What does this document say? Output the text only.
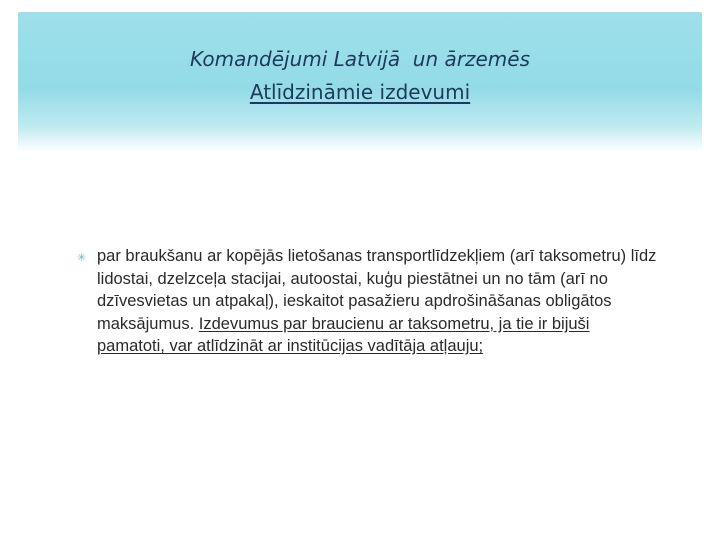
Komandējumi Latvijā  un ārzemēs
Atlīdzināmie izdevumi
✳ par braukšanu ar kopējās lietošanas transportlīdzekļiem (arī taksometru) līdz lidostai, dzelzceļa stacijai, autoostai, kuģu piestātnei un no tām (arī no dzīvesvietas un atpakaļ), ieskaitot pasažieru apdrošināšanas obligātos maksājumus. Izdevumus par braucienu ar taksometru, ja tie ir bijuši pamatoti, var atlīdzināt ar institūcijas vadītāja atļauju;
